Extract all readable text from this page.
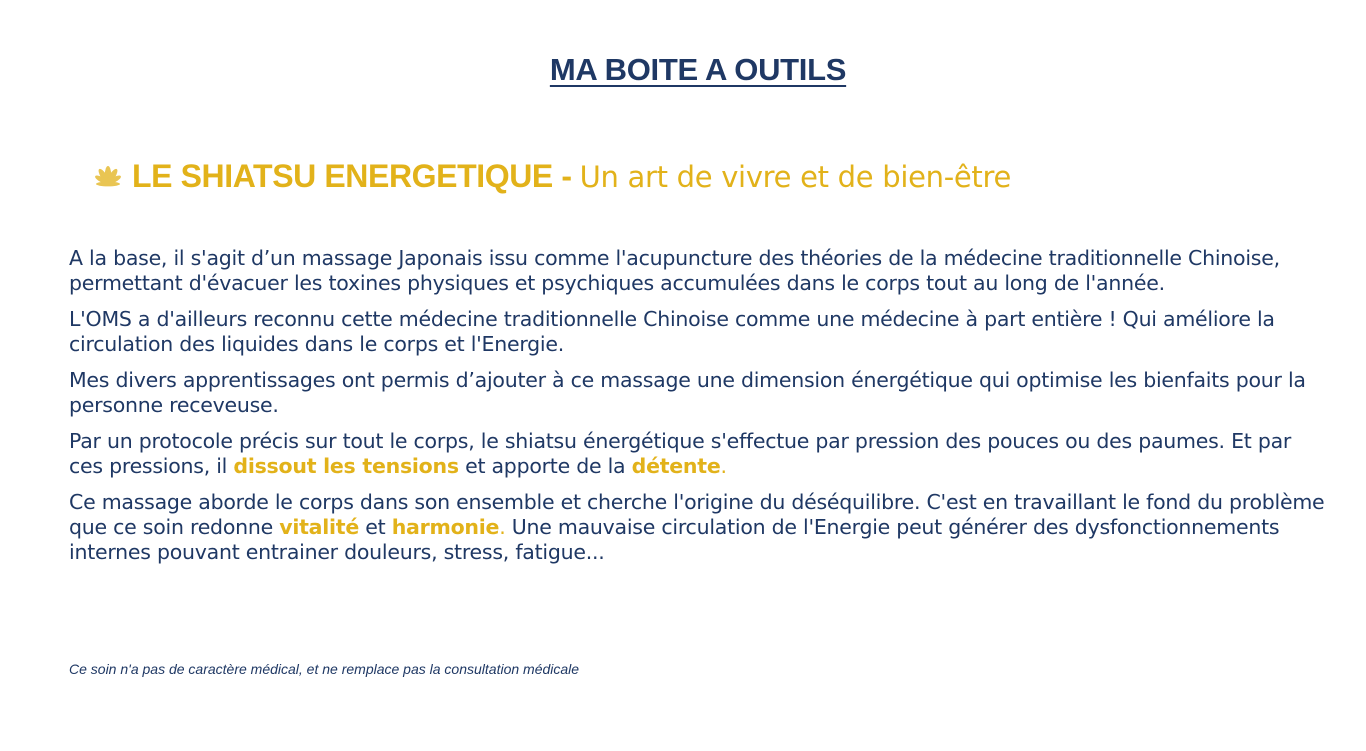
MA BOITE A OUTILS
LE SHIATSU ENERGETIQUE - Un art de vivre et de bien-être

A la base, il s'agit d’un massage Japonais issu comme l'acupuncture des théories de la médecine traditionnelle Chinoise, permettant d'évacuer les toxines physiques et psychiques accumulées dans le corps tout au long de l'année.

L'OMS a d'ailleurs reconnu cette médecine traditionnelle Chinoise comme une médecine à part entière ! Qui améliore la circulation des liquides dans le corps et l'Energie.

Mes divers apprentissages ont permis d’ajouter à ce massage une dimension énergétique qui optimise les bienfaits pour la personne receveuse.

Par un protocole précis sur tout le corps, le shiatsu énergétique s'effectue par pression des pouces ou des paumes. Et par ces pressions, il dissout les tensions et apporte de la détente.

Ce massage aborde le corps dans son ensemble et cherche l'origine du déséquilibre. C'est en travaillant le fond du problème que ce soin redonne vitalité et harmonie. Une mauvaise circulation de l'Energie peut générer des dysfonctionnements internes pouvant entrainer douleurs, stress, fatigue...

Ce soin n'a pas de caractère médical, et ne remplace pas la consultation médicale
